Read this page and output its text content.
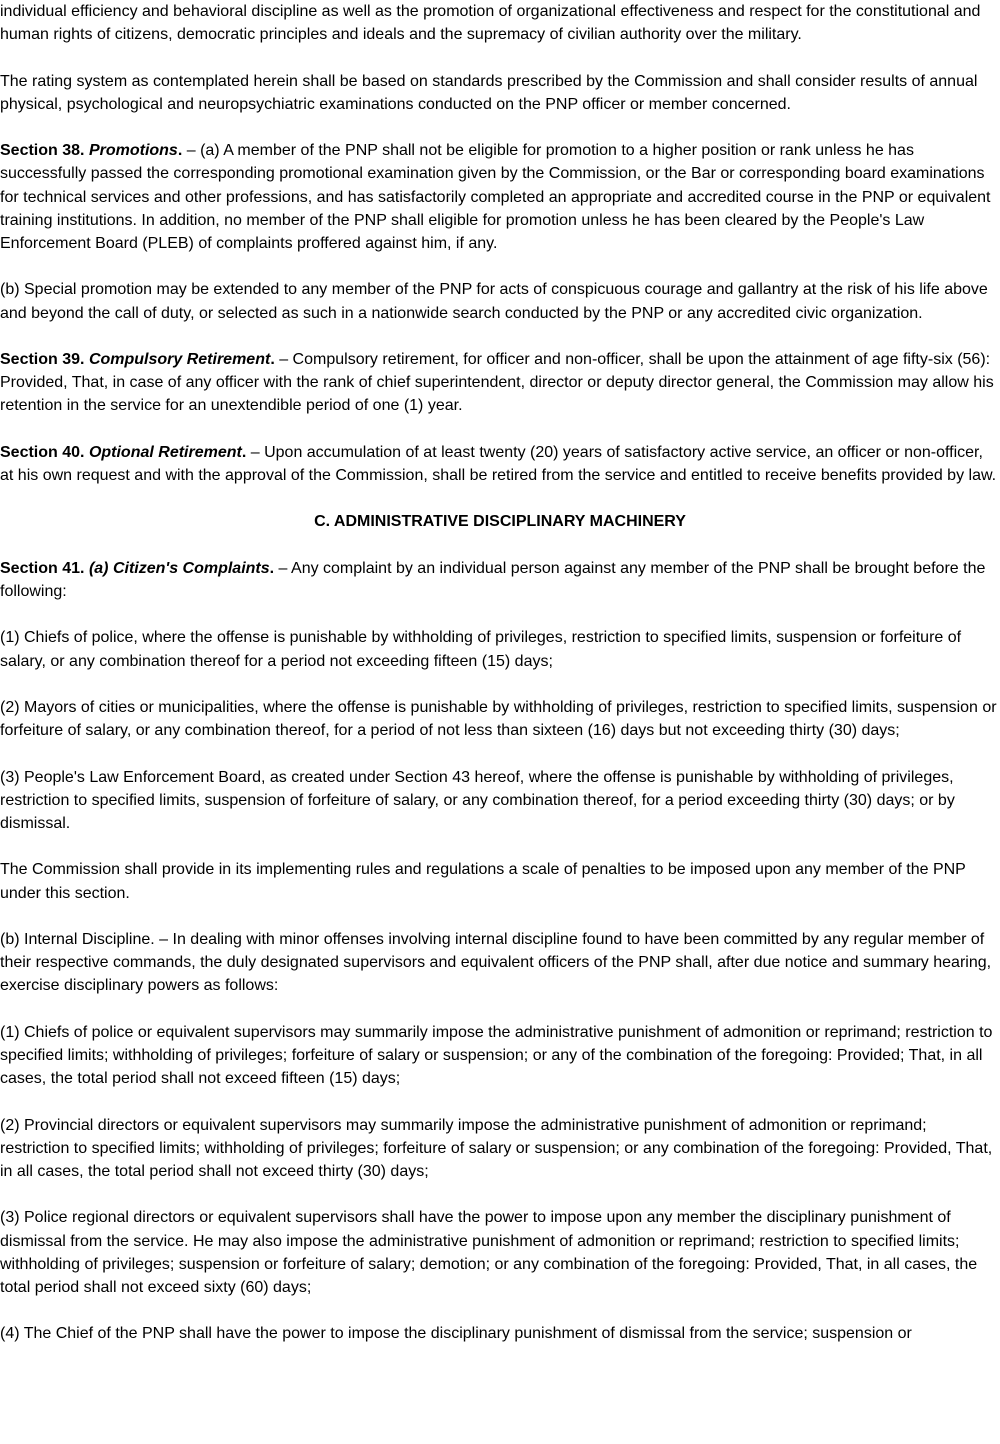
individual efficiency and behavioral discipline as well as the promotion of organizational effectiveness and respect for the constitutional and human rights of citizens, democratic principles and ideals and the supremacy of civilian authority over the military.

The rating system as contemplated herein shall be based on standards prescribed by the Commission and shall consider results of annual physical, psychological and neuropsychiatric examinations conducted on the PNP officer or member concerned.

Section 38. Promotions. – (a) A member of the PNP shall not be eligible for promotion to a higher position or rank unless he has successfully passed the corresponding promotional examination given by the Commission, or the Bar or corresponding board examinations for technical services and other professions, and has satisfactorily completed an appropriate and accredited course in the PNP or equivalent training institutions. In addition, no member of the PNP shall eligible for promotion unless he has been cleared by the People's Law Enforcement Board (PLEB) of complaints proffered against him, if any.

(b) Special promotion may be extended to any member of the PNP for acts of conspicuous courage and gallantry at the risk of his life above and beyond the call of duty, or selected as such in a nationwide search conducted by the PNP or any accredited civic organization.

Section 39. Compulsory Retirement. – Compulsory retirement, for officer and non-officer, shall be upon the attainment of age fifty-six (56): Provided, That, in case of any officer with the rank of chief superintendent, director or deputy director general, the Commission may allow his retention in the service for an unextendible period of one (1) year.

Section 40. Optional Retirement. – Upon accumulation of at least twenty (20) years of satisfactory active service, an officer or non-officer, at his own request and with the approval of the Commission, shall be retired from the service and entitled to receive benefits provided by law.

C. ADMINISTRATIVE DISCIPLINARY MACHINERY

Section 41. (a) Citizen's Complaints. – Any complaint by an individual person against any member of the PNP shall be brought before the following:

(1) Chiefs of police, where the offense is punishable by withholding of privileges, restriction to specified limits, suspension or forfeiture of salary, or any combination thereof for a period not exceeding fifteen (15) days;

(2) Mayors of cities or municipalities, where the offense is punishable by withholding of privileges, restriction to specified limits, suspension or forfeiture of salary, or any combination thereof, for a period of not less than sixteen (16) days but not exceeding thirty (30) days;

(3) People's Law Enforcement Board, as created under Section 43 hereof, where the offense is punishable by withholding of privileges, restriction to specified limits, suspension of forfeiture of salary, or any combination thereof, for a period exceeding thirty (30) days; or by dismissal.

The Commission shall provide in its implementing rules and regulations a scale of penalties to be imposed upon any member of the PNP under this section.

(b) Internal Discipline. – In dealing with minor offenses involving internal discipline found to have been committed by any regular member of their respective commands, the duly designated supervisors and equivalent officers of the PNP shall, after due notice and summary hearing, exercise disciplinary powers as follows:

(1) Chiefs of police or equivalent supervisors may summarily impose the administrative punishment of admonition or reprimand; restriction to specified limits; withholding of privileges; forfeiture of salary or suspension; or any of the combination of the foregoing: Provided; That, in all cases, the total period shall not exceed fifteen (15) days;

(2) Provincial directors or equivalent supervisors may summarily impose the administrative punishment of admonition or reprimand; restriction to specified limits; withholding of privileges; forfeiture of salary or suspension; or any combination of the foregoing: Provided, That, in all cases, the total period shall not exceed thirty (30) days;

(3) Police regional directors or equivalent supervisors shall have the power to impose upon any member the disciplinary punishment of dismissal from the service. He may also impose the administrative punishment of admonition or reprimand; restriction to specified limits; withholding of privileges; suspension or forfeiture of salary; demotion; or any combination of the foregoing: Provided, That, in all cases, the total period shall not exceed sixty (60) days;

(4) The Chief of the PNP shall have the power to impose the disciplinary punishment of dismissal from the service; suspension or
